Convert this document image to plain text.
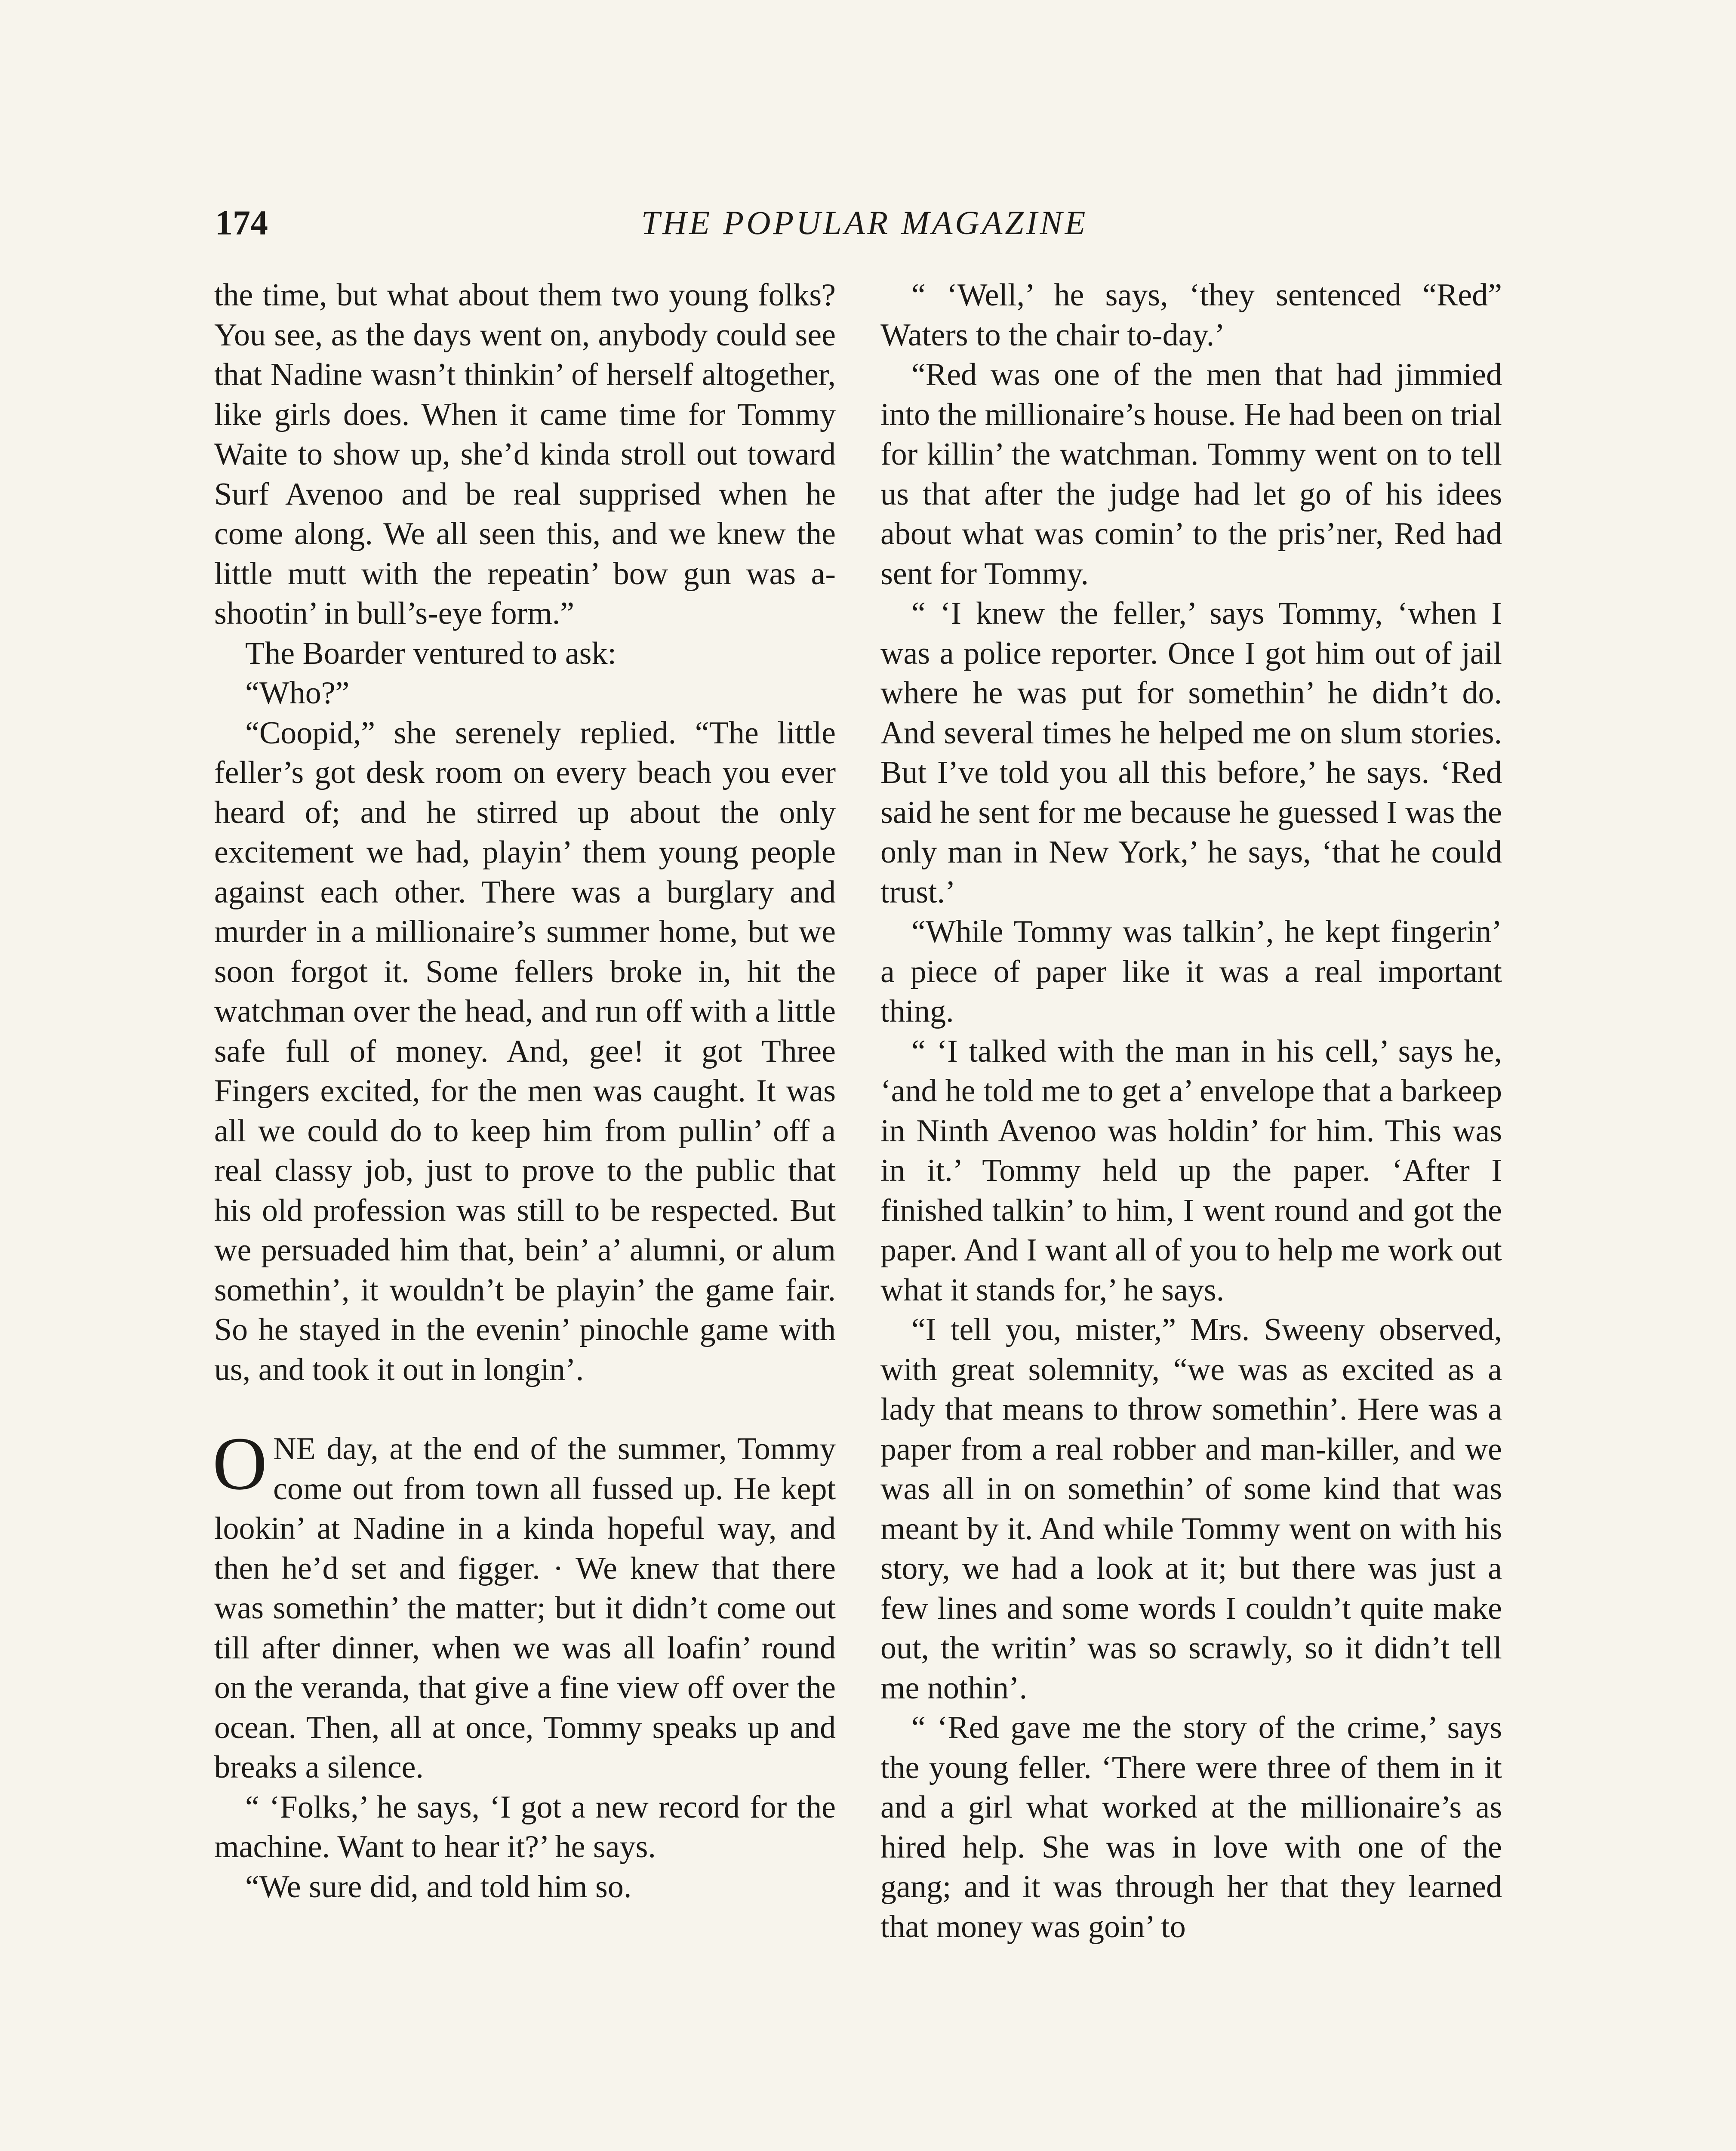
174	THE POPULAR MAGAZINE

the time, but what about them two young folks? You see, as the days went on, anybody could see that Nadine wasn’t thinkin’ of herself altogether, like girls does. When it came time for Tommy Waite to show up, she’d kinda stroll out toward Surf Avenoo and be real supprised when he come along. We all seen this, and we knew the little mutt with the repeatin’ bow gun was a-shootin’ in bull’s-eye form.”

The Boarder ventured to ask:

“Who?”

“Coopid,” she serenely replied. “The little feller’s got desk room on every beach you ever heard of; and he stirred up about the only excitement we had, playin’ them young people against each other. There was a burglary and murder in a millionaire’s summer home, but we soon forgot it. Some fellers broke in, hit the watchman over the head, and run off with a little safe full of money. And, gee! it got Three Fingers excited, for the men was caught. It was all we could do to keep him from pullin’ off a real classy job, just to prove to the public that his old profession was still to be respected. But we persuaded him that, bein’ a’ alumni, or alum somethin’, it wouldn’t be playin’ the game fair. So he stayed in the evenin’ pinochle game with us, and took it out in longin’.

ONE day, at the end of the summer, Tommy come out from town all fussed up. He kept lookin’ at Nadine in a kinda hopeful way, and then he’d set and figger. · We knew that there was somethin’ the matter; but it didn’t come out till after dinner, when we was all loafin’ round on the veranda, that give a fine view off over the ocean. Then, all at once, Tommy speaks up and breaks a silence.

“ ‘Folks,’ he says, ‘I got a new record for the machine. Want to hear it?’ he says.

“We sure did, and told him so.

“ ‘Well,’ he says, ‘they sentenced “Red” Waters to the chair to-day.’

“Red was one of the men that had jimmied into the millionaire’s house. He had been on trial for killin’ the watchman. Tommy went on to tell us that after the judge had let go of his idees about what was comin’ to the pris’ner, Red had sent for Tommy.

“ ‘I knew the feller,’ says Tommy, ‘when I was a police reporter. Once I got him out of jail where he was put for somethin’ he didn’t do. And several times he helped me on slum stories. But I’ve told you all this before,’ he says. ‘Red said he sent for me because he guessed I was the only man in New York,’ he says, ‘that he could trust.’

“While Tommy was talkin’, he kept fingerin’ a piece of paper like it was a real important thing.

“ ‘I talked with the man in his cell,’ says he, ‘and he told me to get a’ envelope that a barkeep in Ninth Avenoo was holdin’ for him. This was in it.’ Tommy held up the paper. ‘After I finished talkin’ to him, I went round and got the paper. And I want all of you to help me work out what it stands for,’ he says.

“I tell you, mister,” Mrs. Sweeny observed, with great solemnity, “we was as excited as a lady that means to throw somethin’. Here was a paper from a real robber and man-killer, and we was all in on somethin’ of some kind that was meant by it. And while Tommy went on with his story, we had a look at it; but there was just a few lines and some words I couldn’t quite make out, the writin’ was so scrawly, so it didn’t tell me nothin’.

“ ‘Red gave me the story of the crime,’ says the young feller. ‘There were three of them in it and a girl what worked at the millionaire’s as hired help. She was in love with one of the gang; and it was through her that they learned that money was goin’ to
